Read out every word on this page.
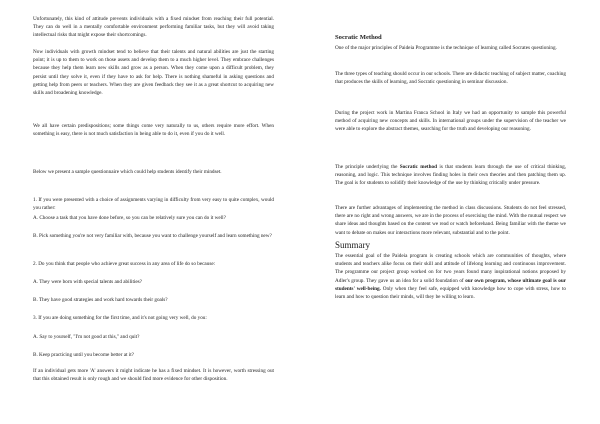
Unfortunately, this kind of attitude prevents individuals with a fixed mindset from reaching their full potential. They can do well in a mentally comfortable environment performing familiar tasks, but they will avoid taking intellectual risks that might expose their shortcomings.

Now individuals with growth mindset tend to believe that their talents and natural abilities are just the starting point; it is up to them to work on those assets and develop them to a much higher level. They embrace challenges because they help them learn new skills and grow as a person. When they come upon a difficult problem, they persist until they solve it, even if they have to ask for help. There is nothing shameful in asking questions and getting help from peers or teachers. When they are given feedback they see it as a great shortcut to acquiring new skills and broadening knowledge.

We all have certain predispositions; some things come very naturally to us, others require more effort. When something is easy, there is not much satisfaction in being able to do it, even if you do it well.

Below we present a sample questionnaire which could help students identify their mindset.

1. If you were presented with a choice of assignments varying in difficulty from very easy to quite complex, would you rather:

A. Choose a task that you have done before, so you can be relatively sure you can do it well?

B. Pick something you're not very familiar with, because you want to challenge yourself and learn something new?

2. Do you think that people who achieve great success in any area of life do so because:

A. They were born with special talents and abilities?

B. They have good strategies and work hard towards their goals?

3. If you are doing something for the first time, and it's not going very well, do you:

A. Say to yourself, "I'm not good at this," and quit?

B. Keep practicing until you become better at it?

If an individual gets more 'A' answers it might indicate he has a fixed mindset. It is however, worth stressing out that this obtained result is only rough and we should find more evidence for other disposition.

Socratic Method

One of the major principles of Paideia Programme is the technique of learning called Socrates questioning.

The three types of teaching should occur in our schools. There are didactic teaching of subject matter, coaching that produces the skills of learning, and Socratic questioning in seminar discussion.

During the project work in Martina Franca School in Italy we had an opportunity to sample this powerful method of acquiring new concepts and skills. In international groups under the supervision of the teacher we were able to explore the abstract themes, searching for the truth and developing our reasoning.

The principle underlying the Socratic method is that students learn through the use of critical thinking, reasoning, and logic. This technique involves finding holes in their own theories and then patching them up. The goal is for students to solidify their knowledge of the use by thinking critically under pressure.

There are further advantages of implementing the method in class discussions. Students do not feel stressed, there are no right and wrong answers, we are in the process of exercising the mind. With the mutual respect we share ideas and thoughts based on the content we read or watch beforehand. Being familiar with the theme we want to debate on makes our interactions more relevant, substantial and to the point.

Summary

The essential goal of the Paideia program is creating schools which are communities of thoughts, where students and teachers alike focus on their skill and attitude of lifelong learning and continuous improvement. The programme our project group worked on for two years found many inspirational notions proposed by Adler's group. They gave us an idea for a solid foundation of our own program, whose ultimate goal is our students' well-being. Only when they feel safe, equipped with knowledge how to cope with stress, how to learn and how to question their minds, will they be willing to learn.
